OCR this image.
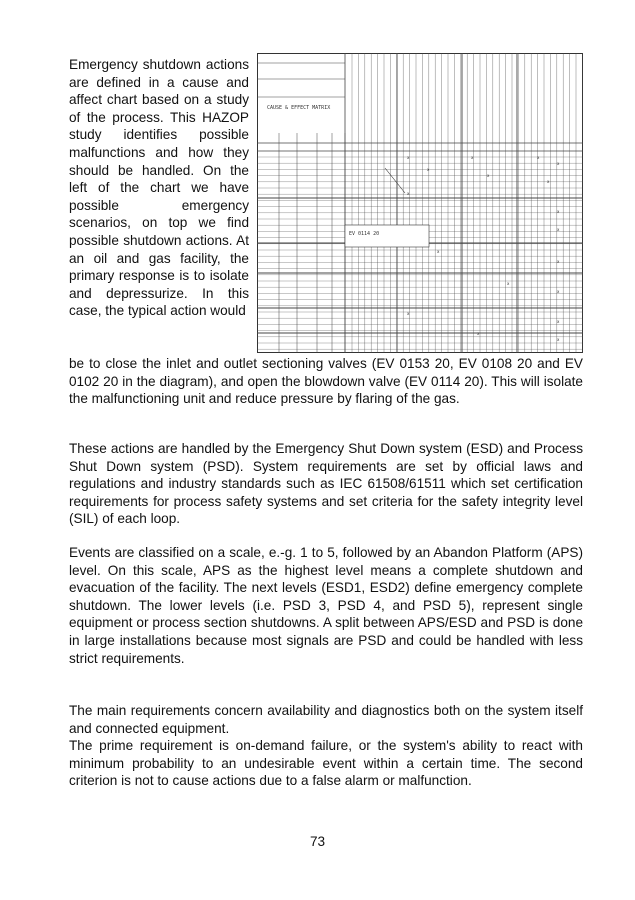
Emergency shutdown actions are defined in a cause and affect chart based on a study of the process. This HAZOP study identifies possible malfunctions and how they should be handled. On the left of the chart we have possible emergency scenarios, on top we find possible shutdown actions. At an oil and gas facility, the primary response is to isolate and depressurize. In this case, the typical action would
x	x	x
x
x
x
x
x
x
x
x
x
x
x
x
x
x
x
CAUSE & EFFECT MATRIX
EV 0114 20
be to close the inlet and outlet sectioning valves (EV 0153 20, EV 0108 20 and EV 0102 20 in the diagram), and open the blowdown valve (EV 0114 20). This will isolate the malfunctioning unit and reduce pressure by flaring of the gas.

These actions are handled by the Emergency Shut Down system (ESD) and Process Shut Down system (PSD). System requirements are set by official laws and regulations and industry standards such as IEC 61508/61511 which set certification requirements for process safety systems and set criteria for the safety integrity level (SIL) of each loop.

Events are classified on a scale, e.-g. 1 to 5, followed by an Abandon Platform (APS) level. On this scale, APS as the highest level means a complete shutdown and evacuation of the facility. The next levels (ESD1, ESD2) define emergency complete shutdown. The lower levels (i.e. PSD 3, PSD 4, and PSD 5), represent single equipment or process section shutdowns. A split between APS/ESD and PSD is done in large installations because most signals are PSD and could be handled with less strict requirements.

The main requirements concern availability and diagnostics both on the system itself and connected equipment.

The prime requirement is on-demand failure, or the system's ability to react with minimum probability to an undesirable event within a certain time. The second criterion is not to cause actions due to a false alarm or malfunction.

73
